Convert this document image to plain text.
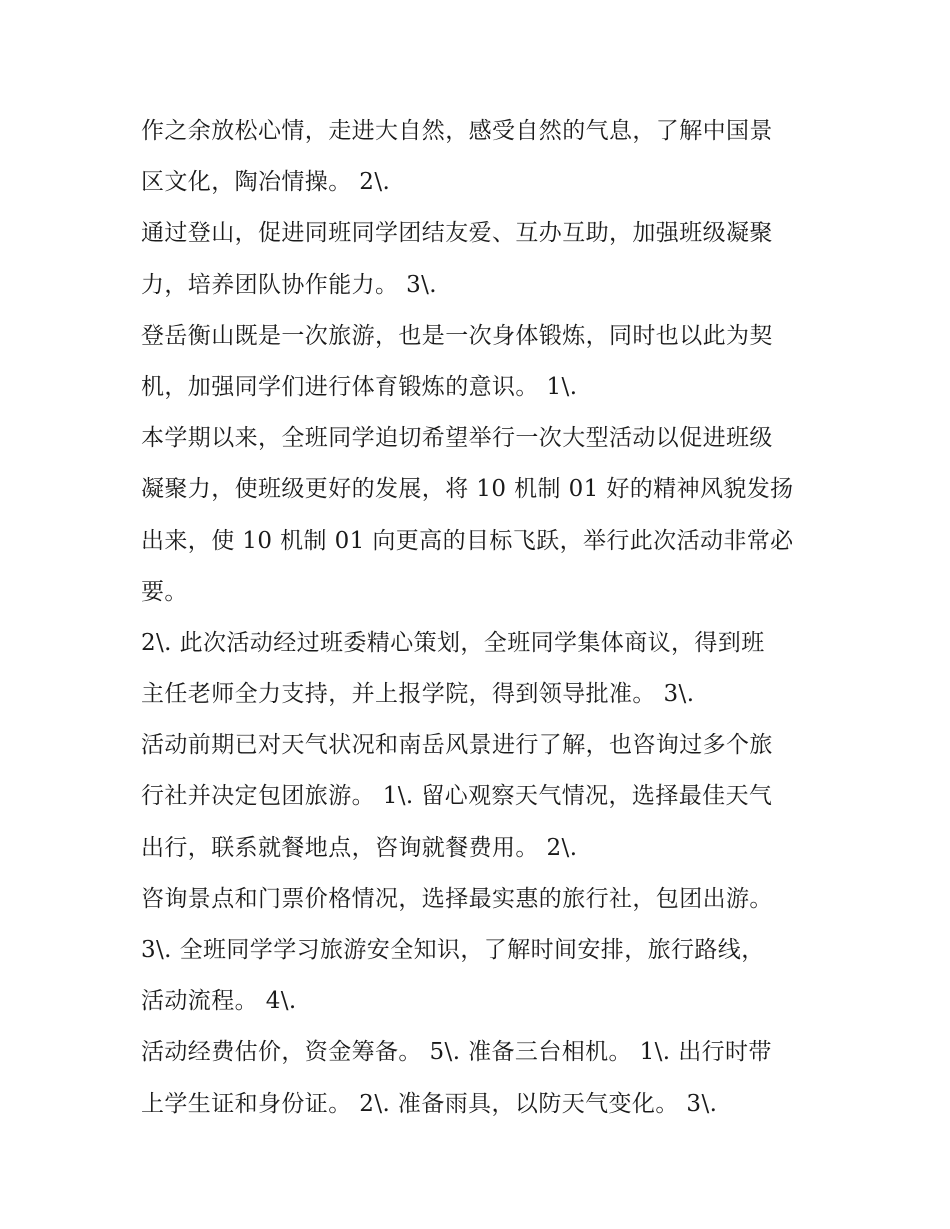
作之余放松心情，走进大自然，感受自然的气息，了解中国景
区文化，陶冶情操。 2\.
通过登山，促进同班同学团结友爱、互办互助，加强班级凝聚
力，培养团队协作能力。 3\.
登岳衡山既是一次旅游，也是一次身体锻炼，同时也以此为契
机，加强同学们进行体育锻炼的意识。 1\.
本学期以来，全班同学迫切希望举行一次大型活动以促进班级
凝聚力，使班级更好的发展，将 10 机制 01 好的精神风貌发扬
出来，使 10 机制 01 向更高的目标飞跃，举行此次活动非常必
要。
2\. 此次活动经过班委精心策划，全班同学集体商议，得到班
主任老师全力支持，并上报学院，得到领导批准。 3\.
活动前期已对天气状况和南岳风景进行了解，也咨询过多个旅
行社并决定包团旅游。 1\. 留心观察天气情况，选择最佳天气
出行，联系就餐地点，咨询就餐费用。 2\.
咨询景点和门票价格情况，选择最实惠的旅行社，包团出游。
3\. 全班同学学习旅游安全知识，了解时间安排，旅行路线，
活动流程。 4\.
活动经费估价，资金筹备。 5\. 准备三台相机。 1\. 出行时带
上学生证和身份证。 2\. 准备雨具，以防天气变化。 3\.
